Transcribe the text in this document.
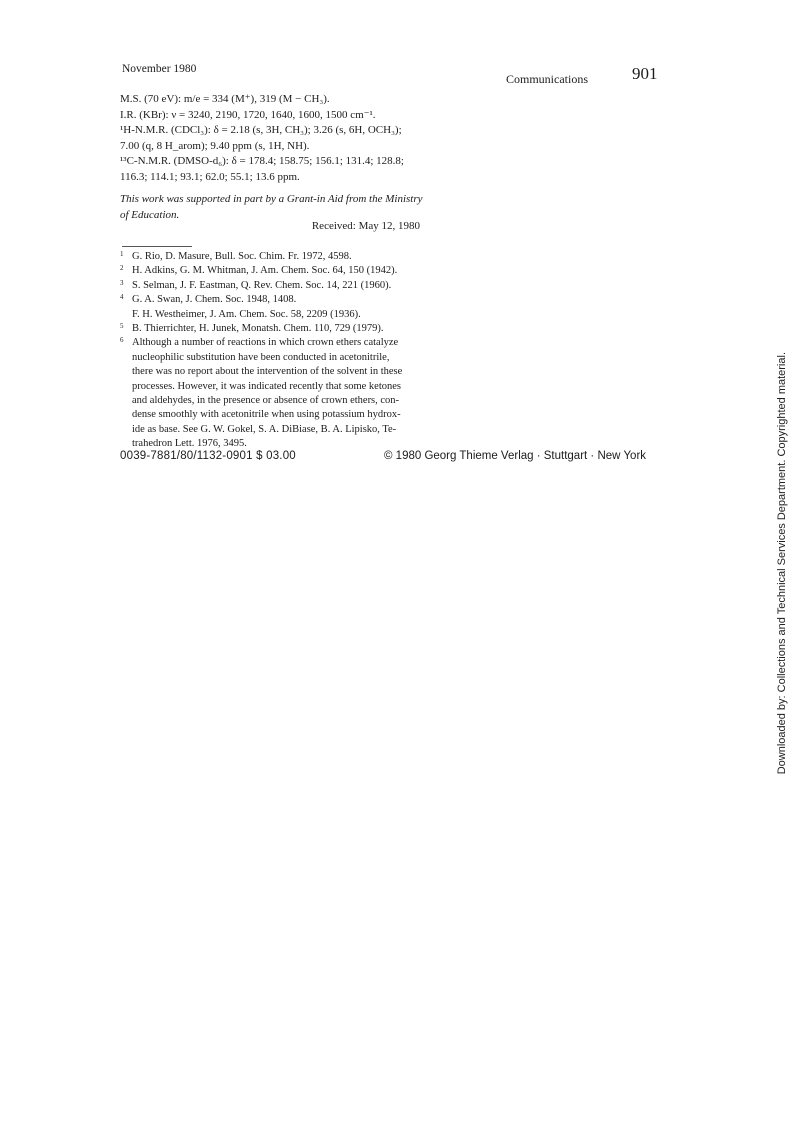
November 1980
Communications	901
M.S. (70 eV): m/e = 334 (M⁺), 319 (M − CH₃).
I.R. (KBr): ν = 3240, 2190, 1720, 1640, 1600, 1500 cm⁻¹.
¹H-N.M.R. (CDCl₃): δ = 2.18 (s, 3H, CH₃); 3.26 (s, 6H, OCH₃);
7.00 (q, 8 H_arom); 9.40 ppm (s, 1H, NH).
¹³C-N.M.R. (DMSO-d₆): δ = 178.4; 158.75; 156.1; 131.4; 128.8;
116.3; 114.1; 93.1; 62.0; 55.1; 13.6 ppm.
This work was supported in part by a Grant-in Aid from the Ministry
of Education.
Received: May 12, 1980
1 G. Rio, D. Masure, Bull. Soc. Chim. Fr. 1972, 4598.
2 H. Adkins, G. M. Whitman, J. Am. Chem. Soc. 64, 150 (1942).
3 S. Selman, J. F. Eastman, Q. Rev. Chem. Soc. 14, 221 (1960).
4 G. A. Swan, J. Chem. Soc. 1948, 1408.
F. H. Westheimer, J. Am. Chem. Soc. 58, 2209 (1936).
5 B. Thierrichter, H. Junek, Monatsh. Chem. 110, 729 (1979).
6 Although a number of reactions in which crown ethers catalyze
nucleophilic substitution have been conducted in acetonitrile,
there was no report about the intervention of the solvent in these
processes. However, it was indicated recently that some ketones
and aldehydes, in the presence or absence of crown ethers, con-
dense smoothly with acetonitrile when using potassium hydrox-
ide as base. See G. W. Gokel, S. A. DiBiase, B. A. Lipisko, Te-
trahedron Lett. 1976, 3495.
0039-7881/80/1132-0901 $ 03.00	© 1980 Georg Thieme Verlag · Stuttgart · New York	Downloaded by: Collections and Technical Services Department. Copyrighted material.
